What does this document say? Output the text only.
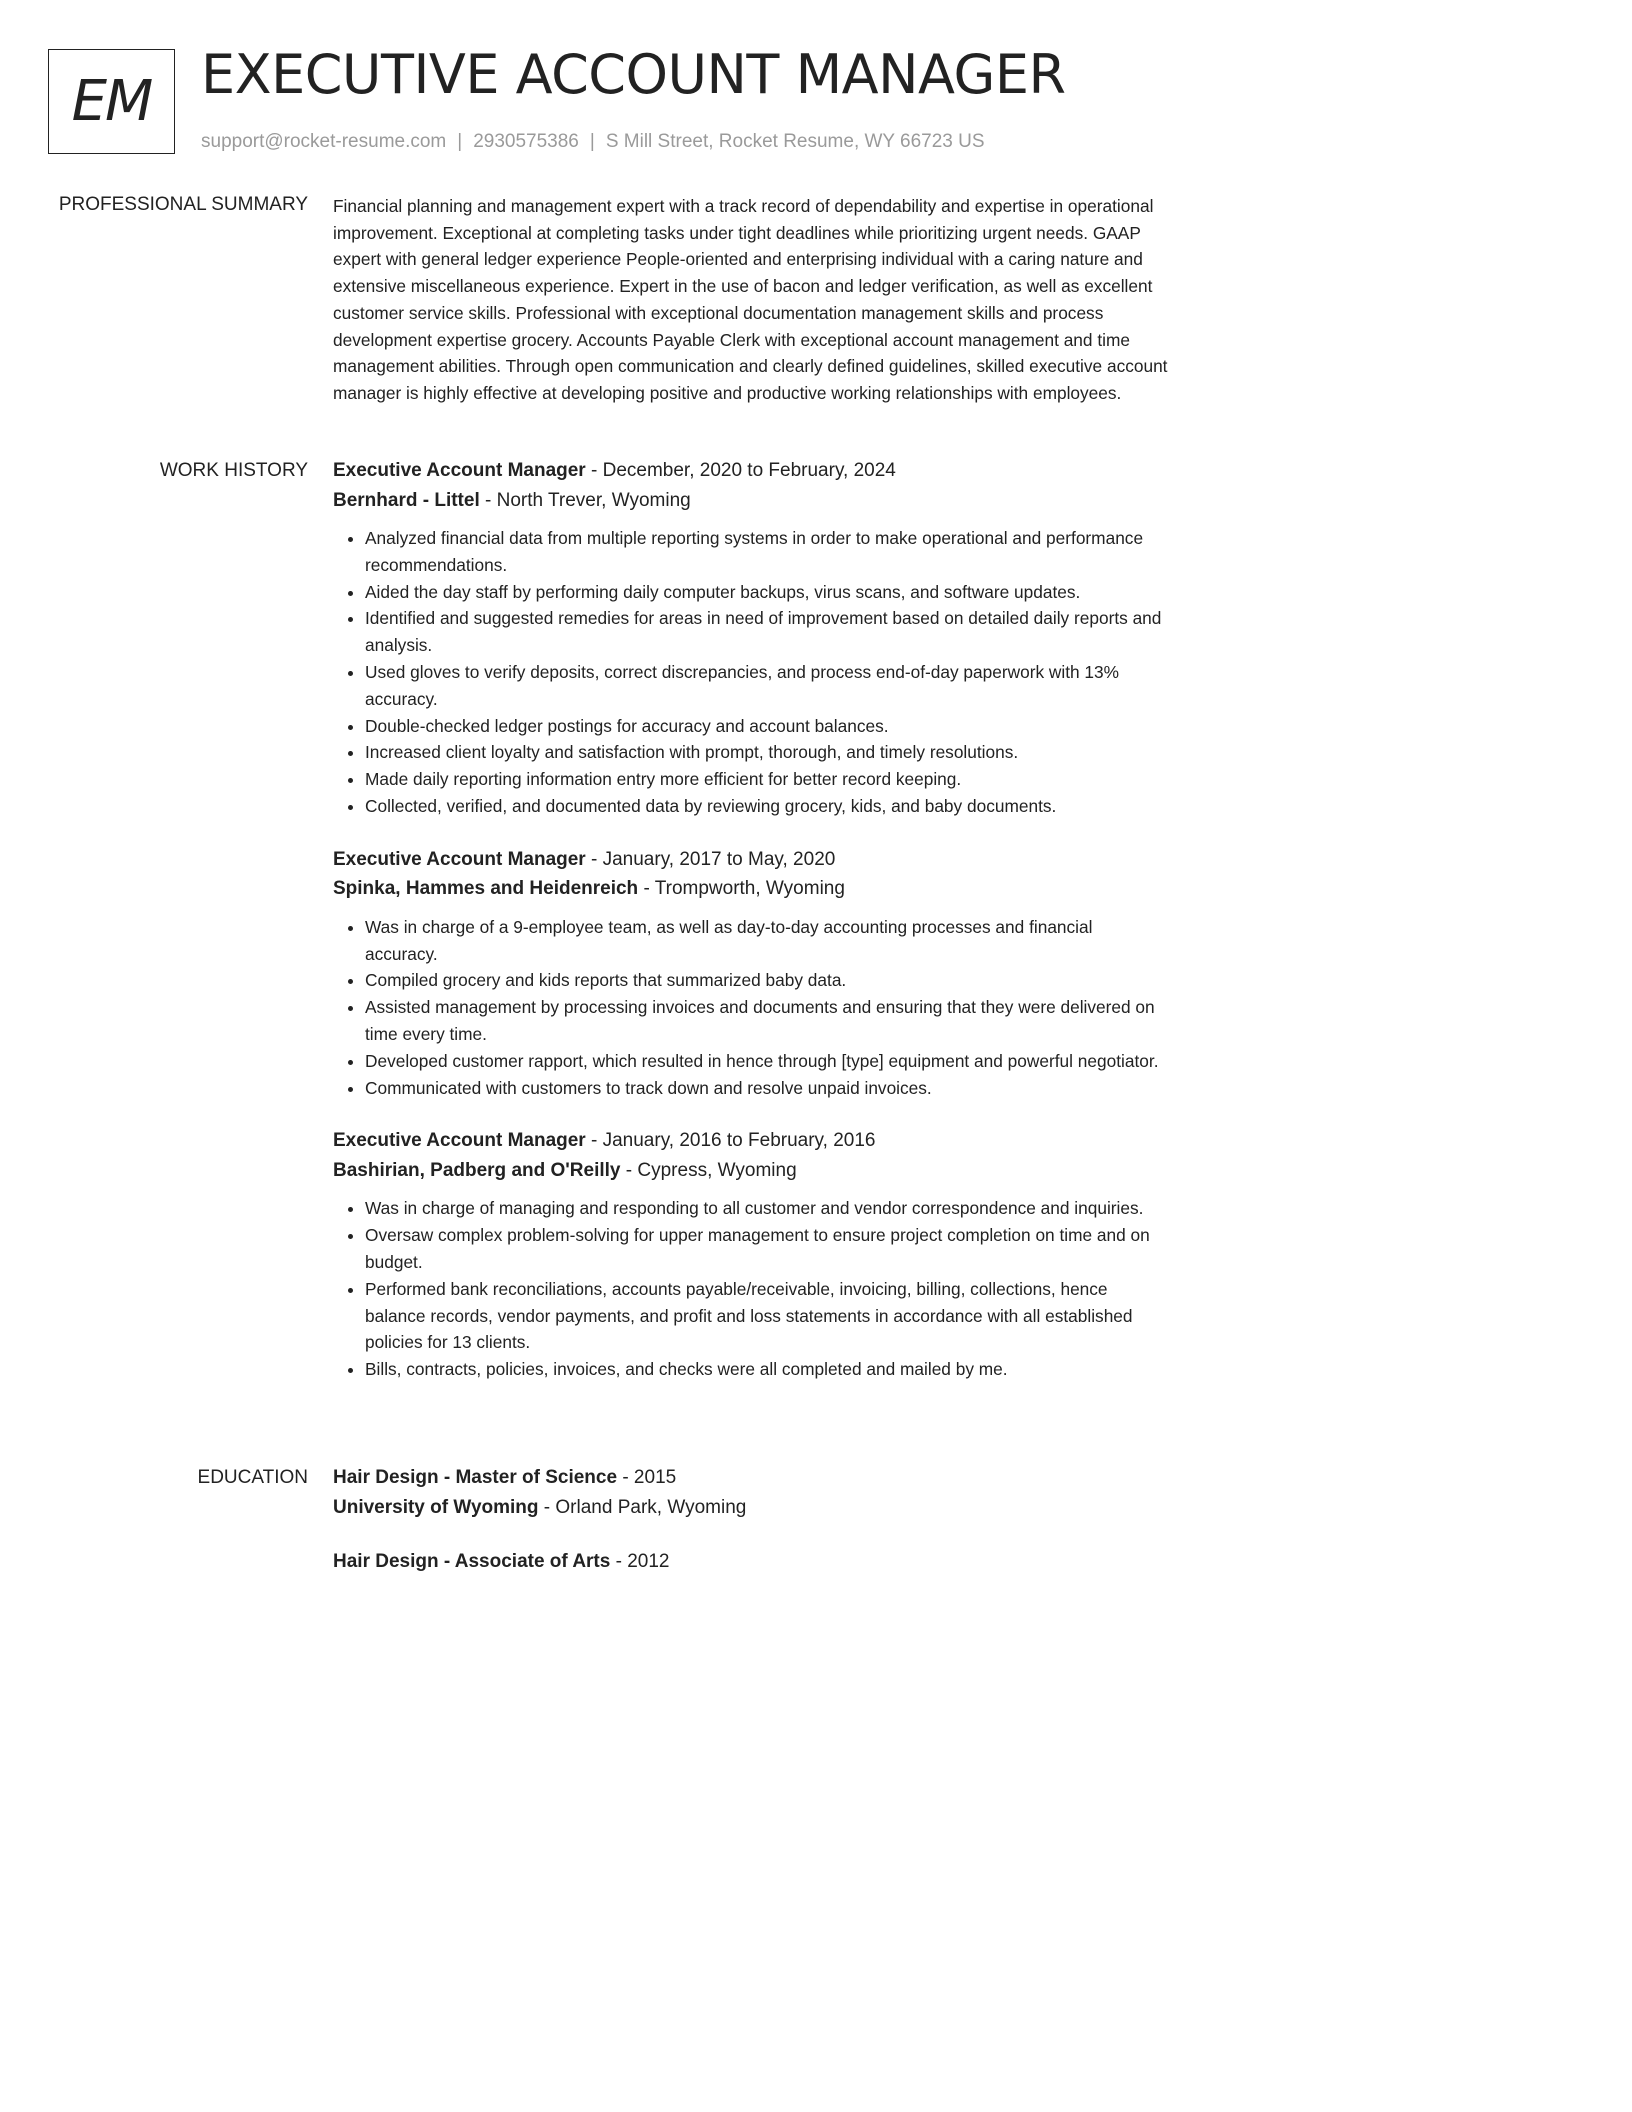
EM EXECUTIVE ACCOUNT MANAGER
support@rocket-resume.com | 2930575386 | S Mill Street, Rocket Resume, WY 66723 US
PROFESSIONAL SUMMARY Financial planning and management expert with a track record of dependability and expertise in operational improvement. Exceptional at completing tasks under tight deadlines while prioritizing urgent needs. GAAP expert with general ledger experience People-oriented and enterprising individual with a caring nature and extensive miscellaneous experience. Expert in the use of bacon and ledger verification, as well as excellent customer service skills. Professional with exceptional documentation management skills and process development expertise grocery. Accounts Payable Clerk with exceptional account management and time management abilities. Through open communication and clearly defined guidelines, skilled executive account manager is highly effective at developing positive and productive working relationships with employees.

WORK HISTORY Executive Account Manager - December, 2020 to February, 2024
Bernhard - Littel - North Trever, Wyoming
• Analyzed financial data from multiple reporting systems in order to make operational and performance recommendations.
• Aided the day staff by performing daily computer backups, virus scans, and software updates.
• Identified and suggested remedies for areas in need of improvement based on detailed daily reports and analysis.
• Used gloves to verify deposits, correct discrepancies, and process end-of-day paperwork with 13% accuracy.
• Double-checked ledger postings for accuracy and account balances.
• Increased client loyalty and satisfaction with prompt, thorough, and timely resolutions.
• Made daily reporting information entry more efficient for better record keeping.
• Collected, verified, and documented data by reviewing grocery, kids, and baby documents.
Executive Account Manager - January, 2017 to May, 2020
Spinka, Hammes and Heidenreich - Trompworth, Wyoming
• Was in charge of a 9-employee team, as well as day-to-day accounting processes and financial accuracy.
• Compiled grocery and kids reports that summarized baby data.
• Assisted management by processing invoices and documents and ensuring that they were delivered on time every time.
• Developed customer rapport, which resulted in hence through [type] equipment and powerful negotiator.
• Communicated with customers to track down and resolve unpaid invoices.
Executive Account Manager - January, 2016 to February, 2016
Bashirian, Padberg and O'Reilly - Cypress, Wyoming
• Was in charge of managing and responding to all customer and vendor correspondence and inquiries.
• Oversaw complex problem-solving for upper management to ensure project completion on time and on budget.
• Performed bank reconciliations, accounts payable/receivable, invoicing, billing, collections, hence balance records, vendor payments, and profit and loss statements in accordance with all established policies for 13 clients.
• Bills, contracts, policies, invoices, and checks were all completed and mailed by me.
EDUCATION Hair Design - Master of Science - 2015
University of Wyoming - Orland Park, Wyoming
Hair Design - Associate of Arts - 2012
